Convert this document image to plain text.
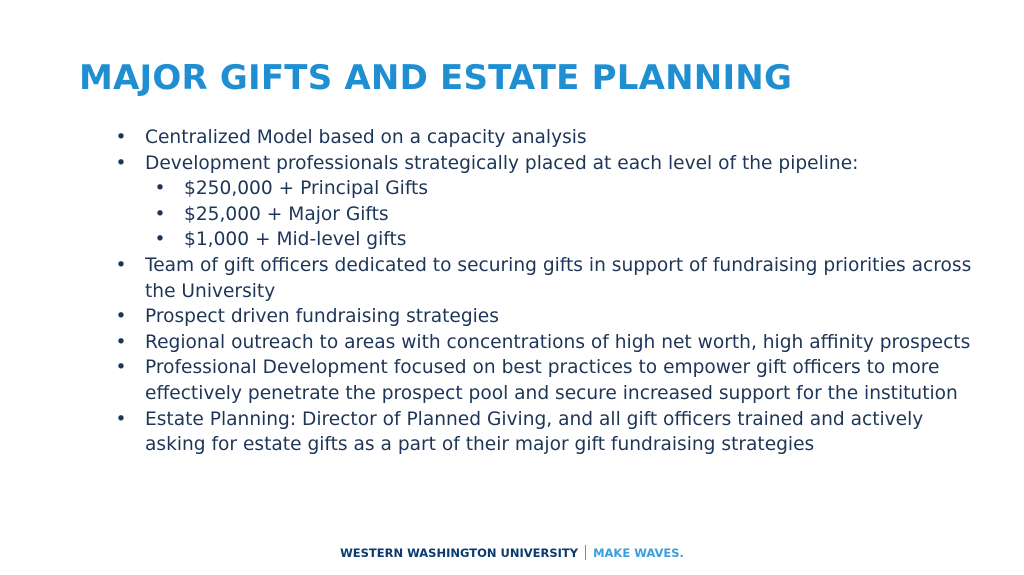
MAJOR GIFTS AND ESTATE PLANNING
• Centralized Model based on a capacity analysis
• Development professionals strategically placed at each level of the pipeline:
• $250,000 + Principal Gifts
• $25,000 + Major Gifts
• $1,000 + Mid-level gifts
• Team of gift officers dedicated to securing gifts in support of fundraising priorities across the University
• Prospect driven fundraising strategies
• Regional outreach to areas with concentrations of high net worth, high affinity prospects
• Professional Development focused on best practices to empower gift officers to more effectively penetrate the prospect pool and secure increased support for the institution
• Estate Planning: Director of Planned Giving, and all gift officers trained and actively asking for estate gifts as a part of their major gift fundraising strategies
WESTERN WASHINGTON UNIVERSITY MAKE WAVES.
